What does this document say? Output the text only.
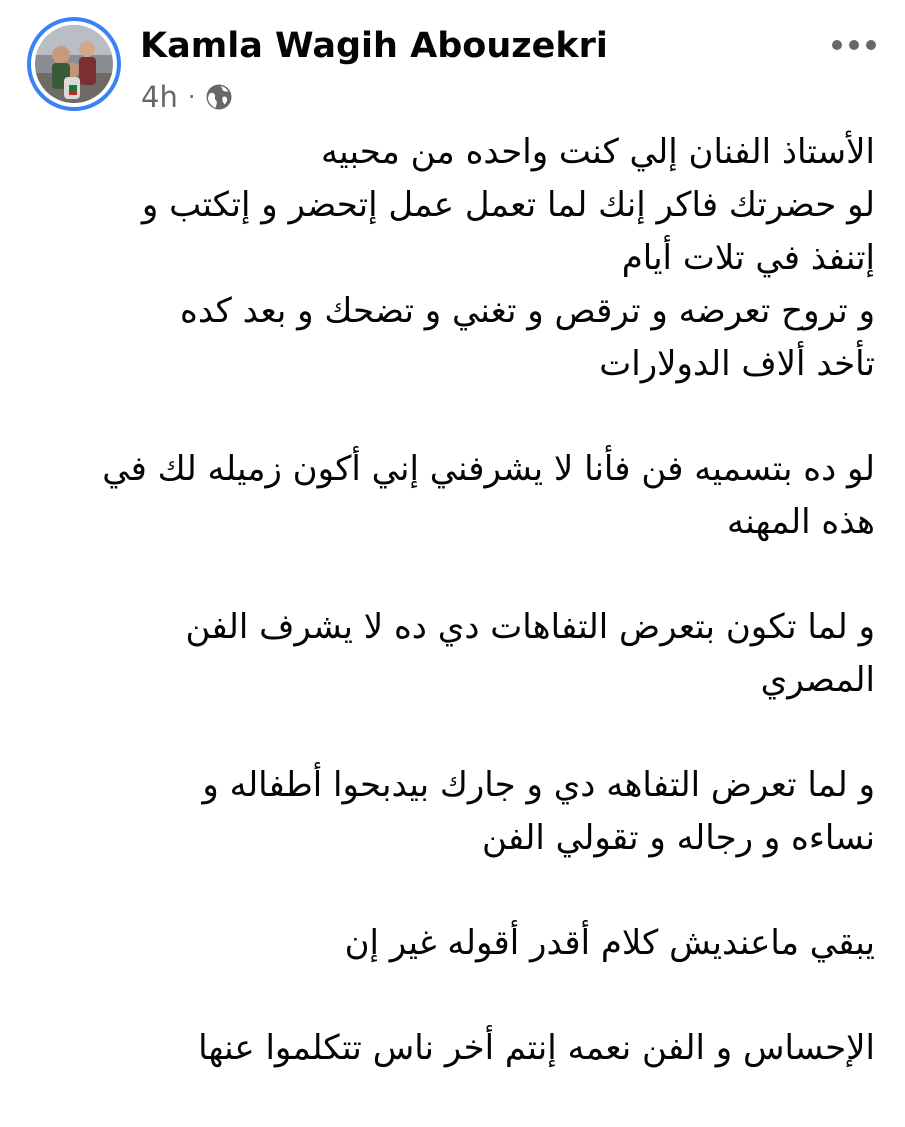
Kamla Wagih Abouzekri
4h ·

الأستاذ الفنان إلي كنت واحده من محبيه
لو حضرتك فاكر إنك لما تعمل عمل إتحضر و إتكتب و
إتنفذ في تلات أيام
و تروح تعرضه و ترقص و تغني و تضحك و بعد كده
تأخد ألاف الدولارات

لو ده بتسميه فن فأنا لا يشرفني إني أكون زميله لك في
هذه المهنه

و لما تكون بتعرض التفاهات دي ده لا يشرف الفن
المصري

و لما تعرض التفاهه دي و جارك بيدبحوا أطفاله و
نساءه و رجاله و تقولي الفن

يبقي ماعنديش كلام أقدر أقوله غير إن

الإحساس و الفن نعمه إنتم أخر ناس تتكلموا عنها
